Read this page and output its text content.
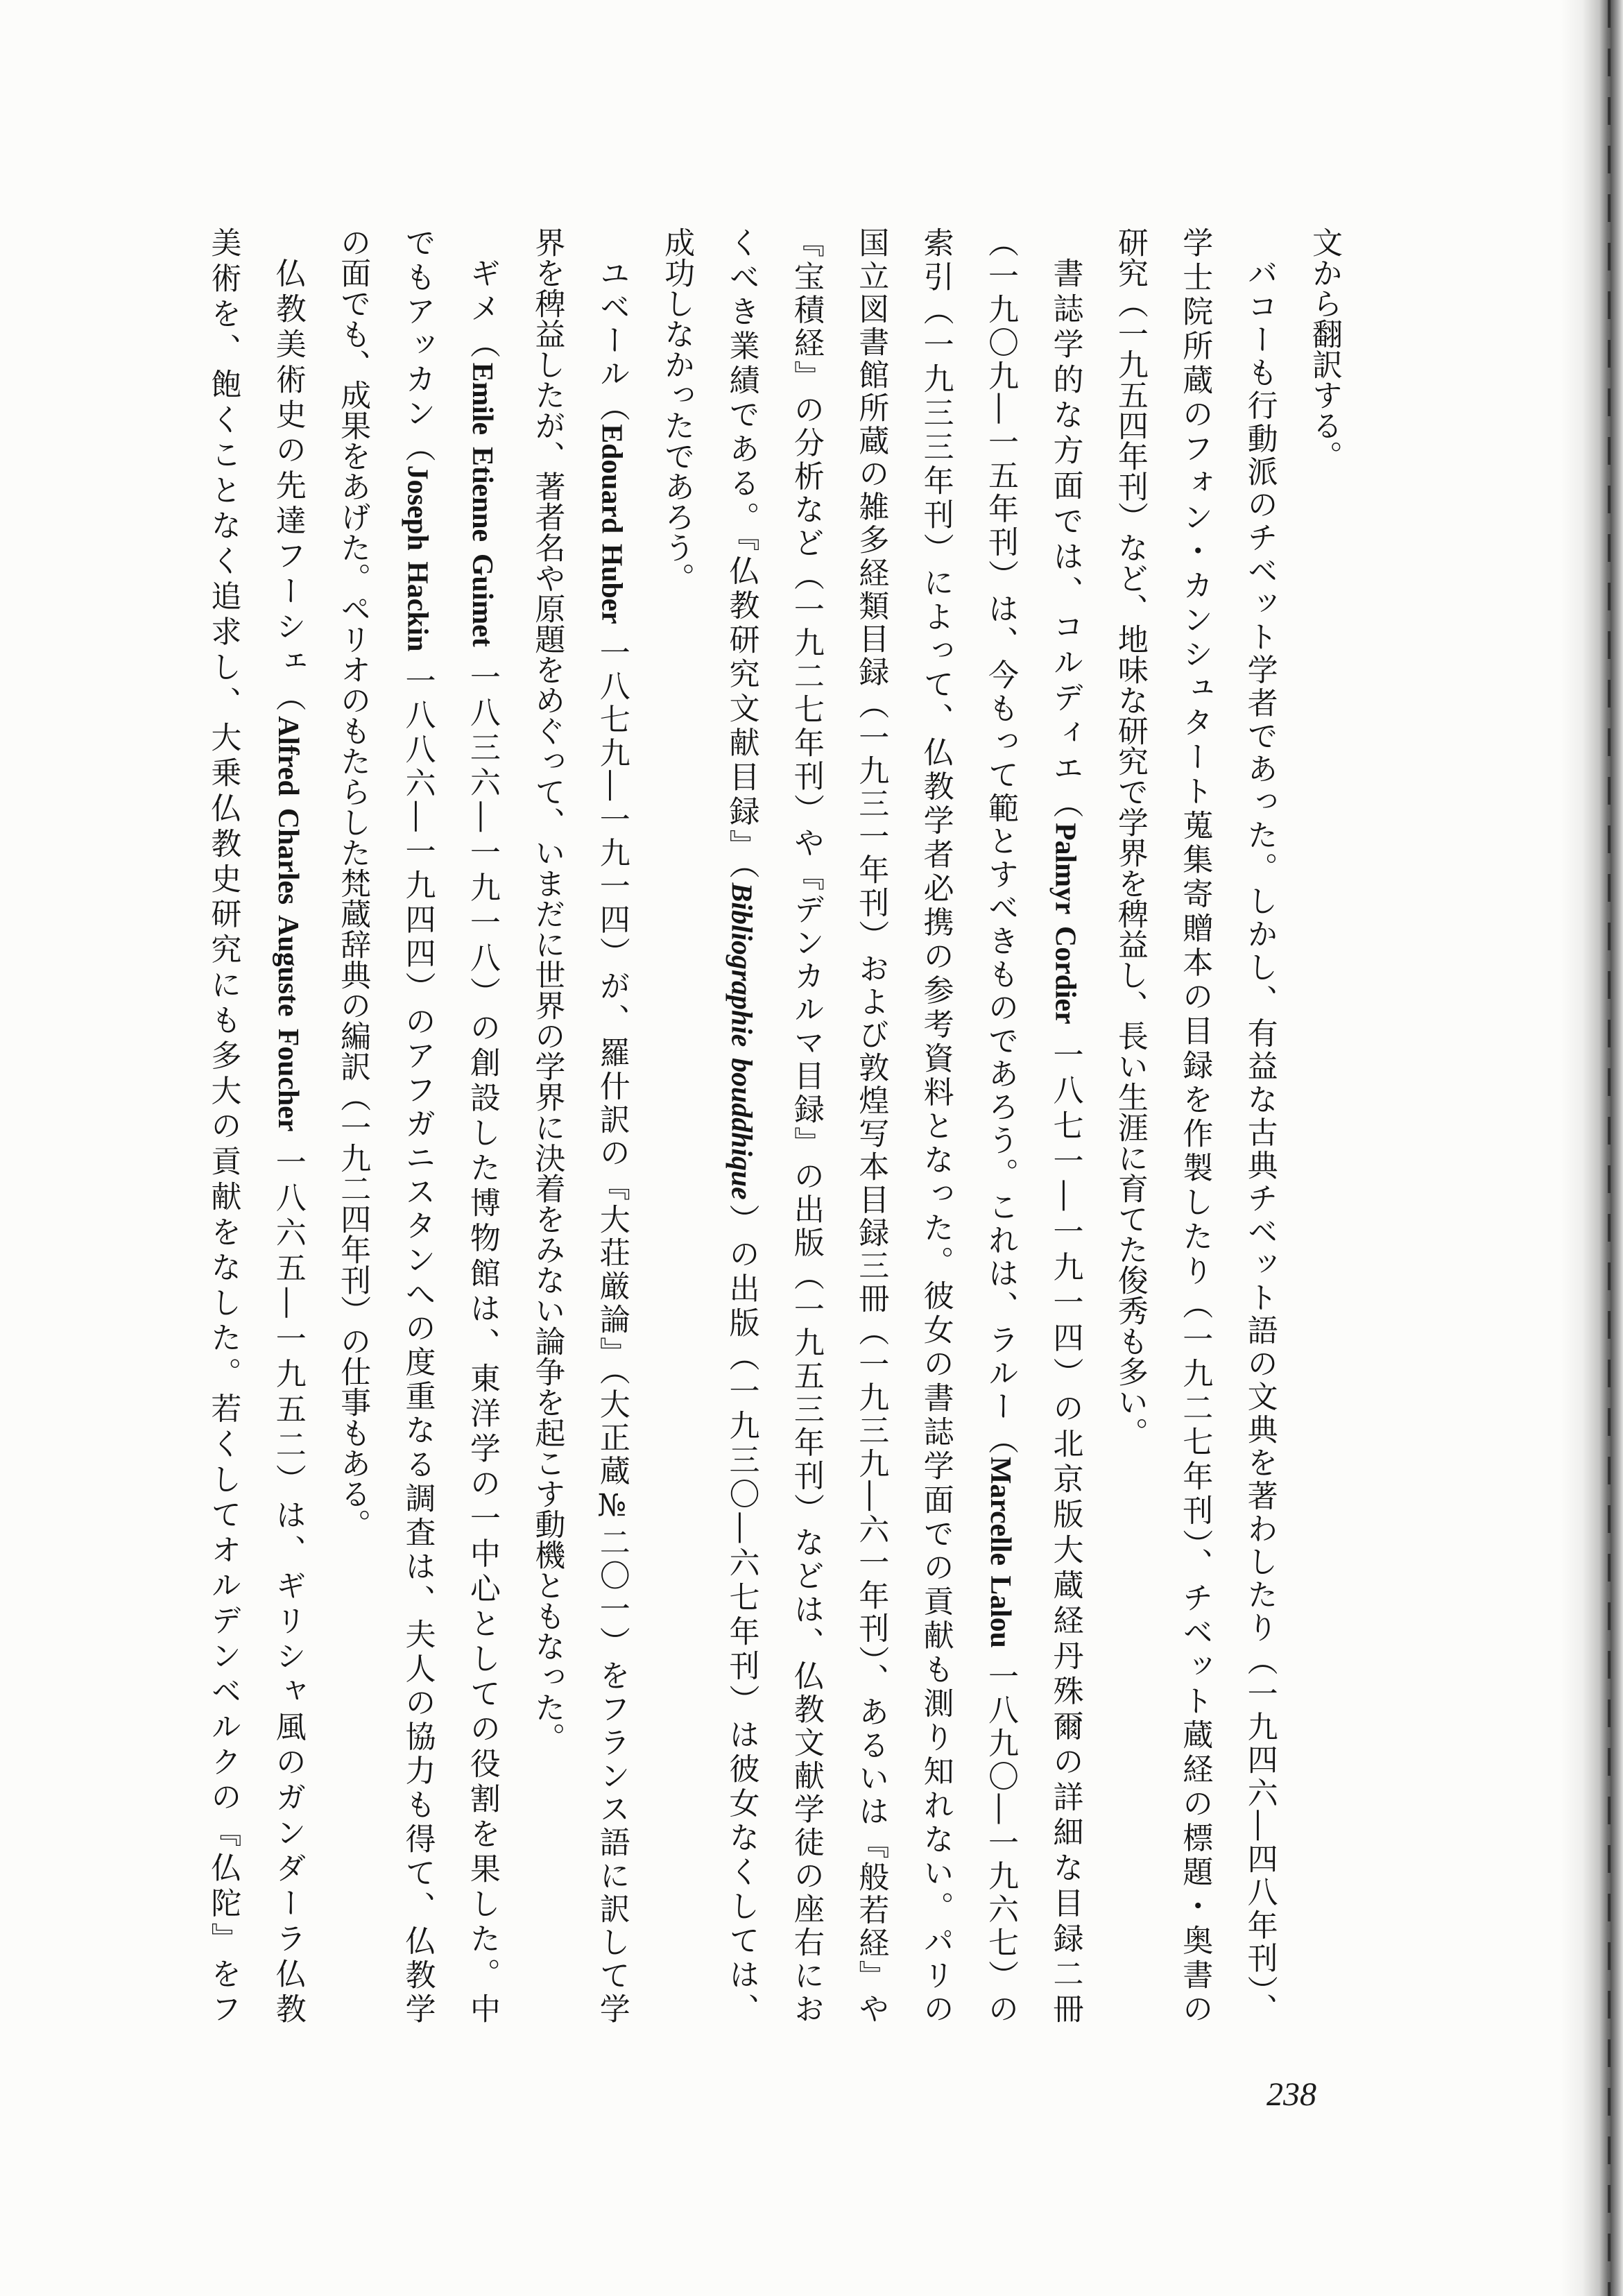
文から翻訳する。
バコーも行動派のチベット学者であった。しかし、有益な古典チベット語の文典を著わしたり（一九四六―四八年刊）、
学士院所蔵のフォン・カンシュタート蒐集寄贈本の目録を作製したり（一九二七年刊）、チベット蔵経の標題・奥書の
研究（一九五四年刊）など、地味な研究で学界を稗益し、長い生涯に育てた俊秀も多い。
書誌学的な方面では、コルディエ（Palmyr Cordier 一八七一―一九一四）の北京版大蔵経丹殊爾の詳細な目録二冊
（一九〇九―一五年刊）は、今もって範とすべきものであろう。これは、ラルー（Marcelle Lalou 一八九〇―一九六七）の
索引（一九三三年刊）によって、仏教学者必携の参考資料となった。彼女の書誌学面での貢献も測り知れない。パリの
国立図書館所蔵の雑多経類目録（一九三一年刊）および敦煌写本目録三冊（一九三九―六一年刊）、あるいは『般若経』や
『宝積経』の分析など（一九二七年刊）や『デンカルマ目録』の出版（一九五三年刊）などは、仏教文献学徒の座右にお
くべき業績である。『仏教研究文献目録』（Bibliographie bouddhique）の出版（一九三〇―六七年刊）は彼女なくしては、
成功しなかったであろう。
ユベール（Edouard Huber 一八七九―一九一四）が、羅什訳の『大荘厳論』（大正蔵№二〇一）をフランス語に訳して学
界を稗益したが、著者名や原題をめぐって、いまだに世界の学界に決着をみない論争を起こす動機ともなった。
ギメ（Emile Etienne Guimet 一八三六―一九一八）の創設した博物館は、東洋学の一中心としての役割を果した。中
でもアッカン（Joseph Hackin 一八八六―一九四四）のアフガニスタンへの度重なる調査は、夫人の協力も得て、仏教学
の面でも、成果をあげた。ペリオのもたらした梵蔵辞典の編訳（一九二四年刊）の仕事もある。
仏教美術史の先達フーシェ（Alfred Charles Auguste Foucher 一八六五―一九五二）は、ギリシャ風のガンダーラ仏教
美術を、飽くことなく追求し、大乗仏教史研究にも多大の貢献をなした。若くしてオルデンベルクの『仏陀』をフ
238
